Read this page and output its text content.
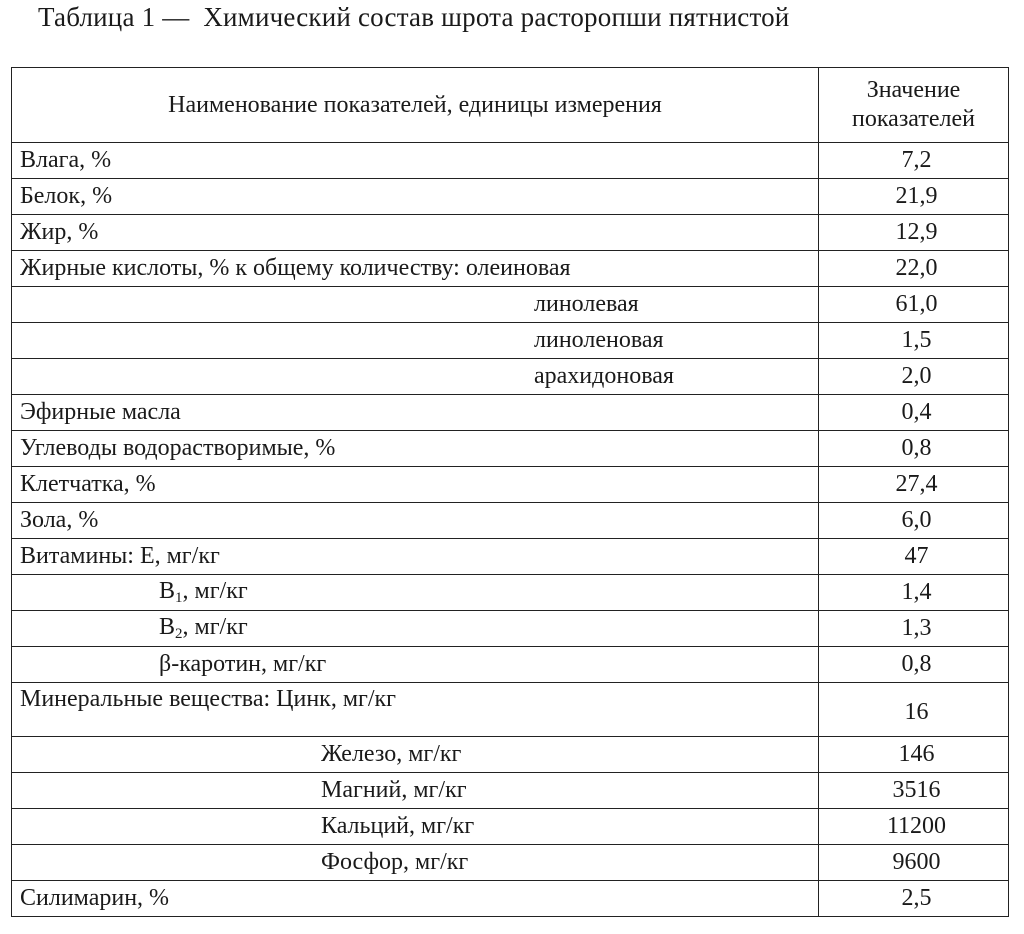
Таблица 1 —  Химический состав шрота расторопши пятнистой
Наименование показателей, единицы измерения	Значение
показателей
Влага, %	7,2
Белок, %	21,9
Жир, %	12,9
Жирные кислоты, % к общему количеству: олеиновая	22,0
линолевая	61,0
линоленовая	1,5
арахидоновая	2,0
Эфирные масла	0,4
Углеводы водорастворимые, %	0,8
Клетчатка, %	27,4
Зола, %	6,0
Витамины: Е, мг/кг	47
$B_1$, мг/кг	1,4
$B_2$, мг/кг	1,3
β-каротин, мг/кг	0,8
Минеральные вещества: Цинк, мг/кг	16
Железо, мг/кг	146
Магний, мг/кг	3516
Кальций, мг/кг	11200
Фосфор, мг/кг	9600
Силимарин, %	2,5
